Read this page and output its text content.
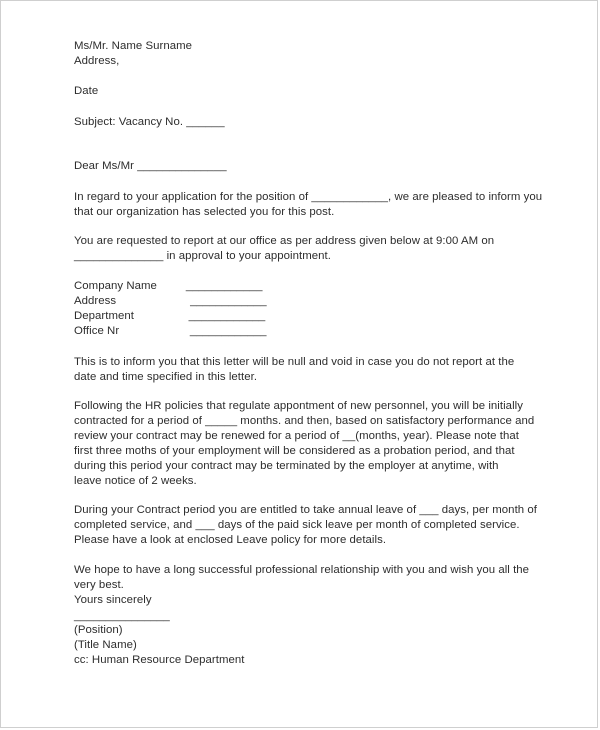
Ms/Mr. Name Surname
Address,
Date
Subject: Vacancy No. ______
Dear Ms/Mr ______________
In regard to your application for the position of ____________, we are pleased to inform you
that our organization has selected you for this post.
You are requested to report at our office as per address given below at 9:00 AM on
______________ in approval to your appointment.
Company Name         ____________
Address                       ____________
Department                 ____________
Office Nr                      ____________
This is to inform you that this letter will be null and void in case you do not report at the
date and time specified in this letter.
Following the HR policies that regulate appontment of new personnel, you will be initially
contracted for a period of _____ months. and then, based on satisfactory performance and
review your contract may be renewed for a period of __(months, year). Please note that
first three moths of your employment will be considered as a probation period, and that
during this period your contract may be terminated by the employer at anytime, with
leave notice of 2 weeks.
During your Contract period you are entitled to take annual leave of ___ days, per month of
completed service, and ___ days of the paid sick leave per month of completed service.
Please have a look at enclosed Leave policy for more details.
We hope to have a long successful professional relationship with you and wish you all the
very best.
Yours sincerely
_______________
(Position)
(Title Name)
cc: Human Resource Department
